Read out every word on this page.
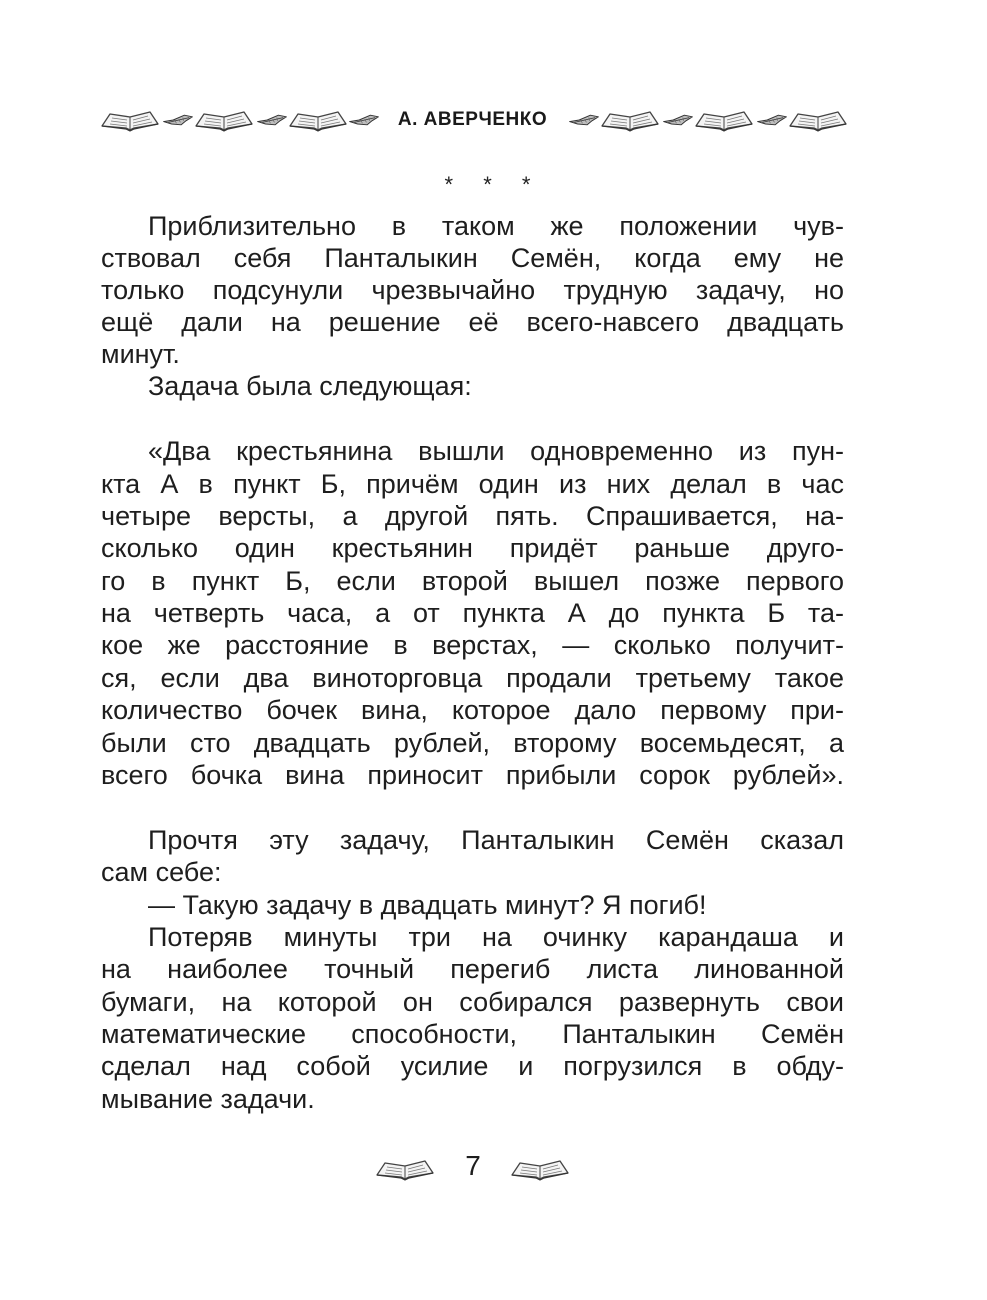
А. АВЕРЧЕНКО
* * *
Приблизительно в таком же положении чув-
ствовал себя Панталыкин Семён, когда ему не
только подсунули чрезвычайно трудную задачу, но
ещё дали на решение её всего-навсего двадцать
минут.
Задача была следующая:
«Два крестьянина вышли одновременно из пун-
кта А в пункт Б, причём один из них делал в час
четыре версты, а другой пять. Спрашивается, на-
сколько один крестьянин придёт раньше друго-
го в пункт Б, если второй вышел позже первого
на четверть часа, а от пункта А до пункта Б та-
кое же расстояние в верстах, — сколько получит-
ся, если два виноторговца продали третьему такое
количество бочек вина, которое дало первому при-
были сто двадцать рублей, второму восемьдесят, а
всего бочка вина приносит прибыли сорок рублей».
Прочтя эту задачу, Панталыкин Семён сказал
сам себе:
— Такую задачу в двадцать минут? Я погиб!
Потеряв минуты три на очинку карандаша и
на наиболее точный перегиб листа линованной
бумаги, на которой он собирался развернуть свои
математические способности, Панталыкин Семён
сделал над собой усилие и погрузился в обду-
мывание задачи.
7
